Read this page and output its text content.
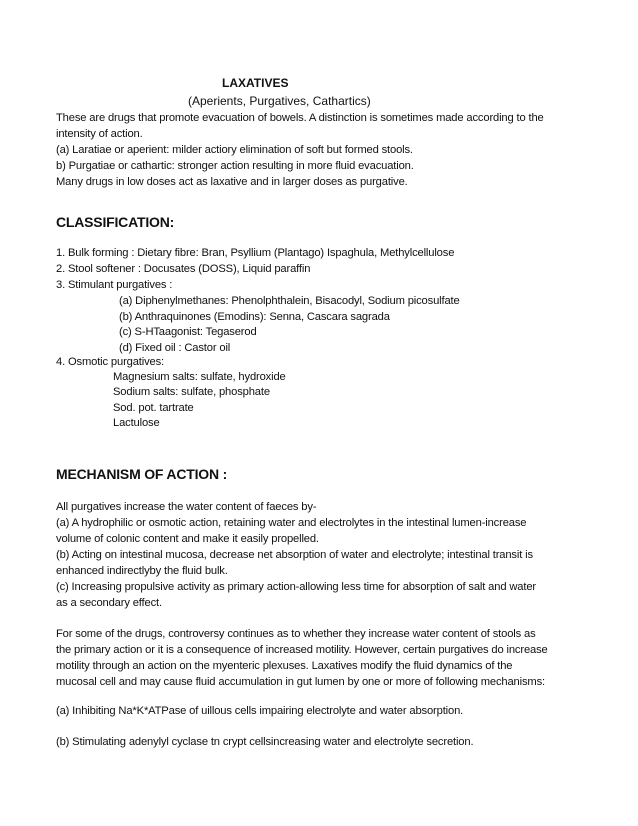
LAXATIVES
(Aperients, Purgatives, Cathartics)
These are drugs that promote evacuation of bowels. A distinction is sometimes made according to the
intensity of action.
(a) Laratiae or aperient: milder actiory elimination of soft but formed stools.
b) Purgatiae or cathartic: stronger action resulting in more fluid evacuation.
Many drugs in low doses act as laxative and in larger doses as purgative.
CLASSIFICATION:
1. Bulk forming : Dietary fibre: Bran, Psyllium (Plantago) Ispaghula, Methylcellulose
2. Stool softener : Docusates (DOSS), Liquid paraffin
3. Stimulant purgatives :
(a) Diphenylmethanes: Phenolphthalein, Bisacodyl, Sodium picosulfate
(b) Anthraquinones (Emodins): Senna, Cascara sagrada
(c) S-HTaagonist: Tegaserod
(d) Fixed oil : Castor oil
4. Osmotic purgatives:
Magnesium salts: sulfate, hydroxide
Sodium salts: sulfate, phosphate
Sod. pot. tartrate
Lactulose
MECHANISM OF ACTION :
All purgatives increase the water content of faeces by-
(a) A hydrophilic or osmotic action, retaining water and electrolytes in the intestinal lumen-increase
volume of colonic content and make it easily propelled.
(b) Acting on intestinal mucosa, decrease net absorption of water and electrolyte; intestinal transit is
enhanced indirectlyby the fluid bulk.
(c) Increasing propulsive activity as primary action-allowing less time for absorption of salt and water
as a secondary effect.
For some of the drugs, controversy continues as to whether they increase water content of stools as
the primary action or it is a consequence of increased motility. However, certain purgatives do increase
motility through an action on the myenteric plexuses. Laxatives modify the fluid dynamics of the
mucosal cell and may cause fluid accumulation in gut lumen by one or more of following mechanisms:
(a) Inhibiting Na*K*ATPase of uillous cells impairing electrolyte and water absorption.
(b) Stimulating adenylyl cyclase tn crypt cellsincreasing water and electrolyte secretion.
